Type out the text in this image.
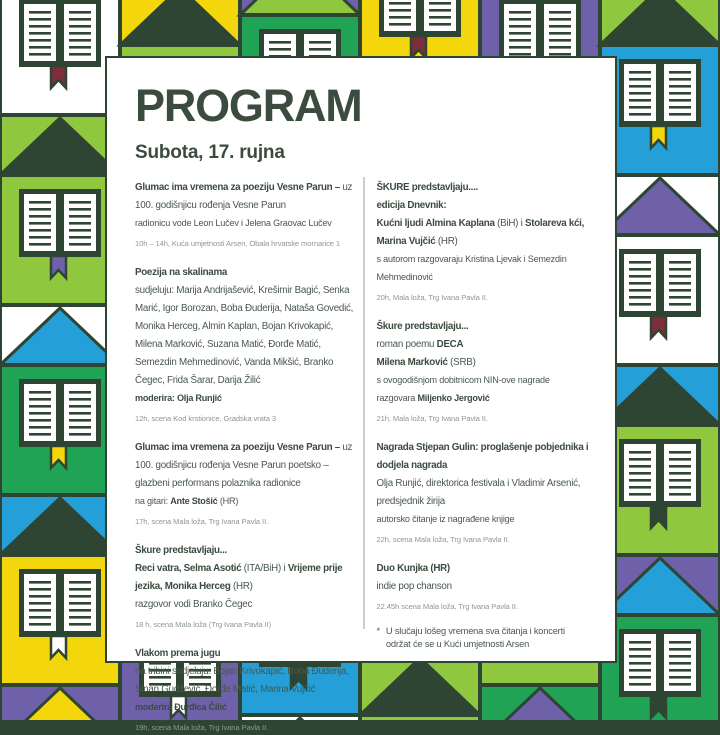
PROGRAM
Subota, 17. rujna

Glumac ima vremena za poeziju Vesne Parun – uz 100. godišnjicu rođenja Vesne Parun

radionicu vode Leon Lučev i Jelena Graovac Lučev

10h – 14h, Kuća umjetnosti Arsen, Obala hrvatske mornarice 1

Poezija na skalinama

sudjeluju: Marija Andrijašević, Krešimir Bagić, Senka Marić, Igor Borozan, Boba Đuderija, Nataša Govedić, Monika Herceg, Almin Kaplan, Bojan Krivokapić, Milena Marković, Suzana Matić, Đorđe Matić, Semezdin Mehmedinović, Vanda Mikšić, Branko Čegec, Frida Šarar, Darija Žilić

moderira: Olja Runjić

12h, scena Kod krstionice, Gradska vrata 3

Glumac ima vremena za poeziju Vesne Parun – uz 100. godišnjicu rođenja Vesne Parun poetsko – glazbeni performans polaznika radionice

na gitari: Ante Stošić (HR)

17h, scena Mala loža, Trg Ivana Pavla II.

Škure predstavljaju...

Reci vatra, Selma Asotić (ITA/BiH) i Vrijeme prije jezika, Monika Herceg (HR)

razgovor vodi Branko Čegec

18 h, scena Mala loža (Trg Ivana Pavla II)

Vlakom prema jugu

na tribini sudjeluju: Bojan Krivokapić, Boba Đuderija, Sinan Gudžević, Đorđe Matić, Marina Vujčić

moderira Đurđica Čilić

19h, scena Mala loža, Trg Ivana Pavla II.

ŠKURE predstavljaju....

edicija Dnevnik:

Kućni ljudi Almina Kaplana (BiH) i Stolareva kći, Marina Vujčić (HR)

s autorom razgovaraju Kristina Ljevak i Semezdin Mehmedinović

20h, Mala loža, Trg Ivana Pavla II.

Škure predstavljaju...

roman poemu DECA

Milena Marković (SRB)

s ovogodišnjom dobitnicom NIN-ove nagrade razgovara Miljenko Jergović

21h, Mala loža, Trg Ivana Pavla II.

Nagrada Stjepan Gulin: proglašenje pobjednika i dodjela nagrada

Olja Runjić, direktorica festivala i Vladimir Arsenić, predsjednik žirija

autorsko čitanje iz nagrađene knjige

22h, scena Mala loža, Trg Ivana Pavla II.

Duo Kunjka (HR)

indie pop chanson

22.45h scena Mala loža, Trg Ivana Pavla II.

* U slučaju lošeg vremena sva čitanja i koncerti održat će se u Kući umjetnosti Arsen
